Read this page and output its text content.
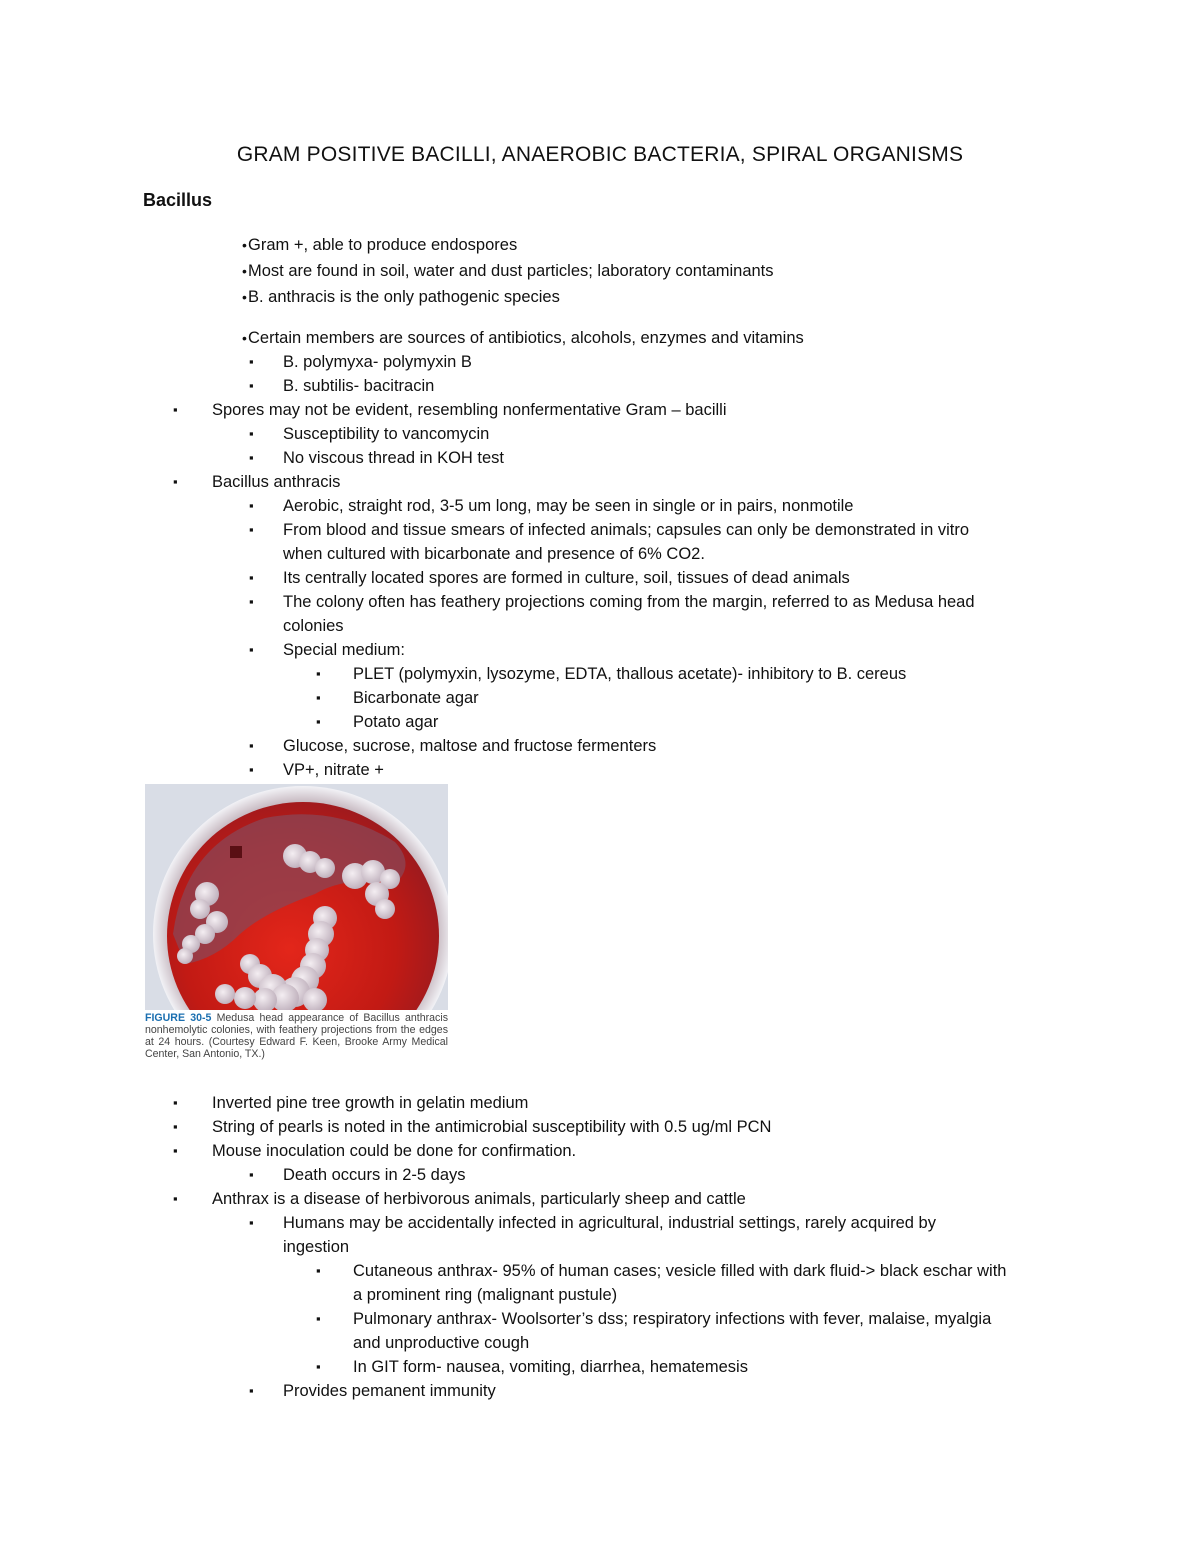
GRAM POSITIVE BACILLI, ANAEROBIC BACTERIA, SPIRAL ORGANISMS
Bacillus
• Gram +, able to produce endospores
• Most are found in soil, water and dust particles; laboratory contaminants
• B. anthracis is the only pathogenic species
• Certain members are sources of antibiotics, alcohols, enzymes and vitamins
▪ B. polymyxa- polymyxin B
▪ B. subtilis- bacitracin
▪ Spores may not be evident, resembling nonfermentative Gram – bacilli
▪ Susceptibility to vancomycin
▪ No viscous thread in KOH test
▪ Bacillus anthracis
▪ Aerobic, straight rod, 3-5 um long, may be seen in single or in pairs, nonmotile
▪ From blood and tissue smears of infected animals; capsules can only be demonstrated in vitro
when cultured with bicarbonate and presence of 6% CO2.
▪ Its centrally located spores are formed in culture, soil, tissues of dead animals
▪ The colony often has feathery projections coming from the margin, referred to as Medusa head
colonies
▪ Special medium:
▪ PLET (polymyxin, lysozyme, EDTA, thallous acetate)- inhibitory to B. cereus
▪ Bicarbonate agar
▪ Potato agar
▪ Glucose, sucrose, maltose and fructose fermenters
▪ VP+, nitrate +
FIGURE 30-5 Medusa head appearance of Bacillus anthracis nonhemolytic colonies, with feathery projections from the edges at 24 hours. (Courtesy Edward F. Keen, Brooke Army Medical Center, San Antonio, TX.)
▪ Inverted pine tree growth in gelatin medium
▪ String of pearls is noted in the antimicrobial susceptibility with 0.5 ug/ml PCN
▪ Mouse inoculation could be done for confirmation.
▪ Death occurs in 2-5 days
▪ Anthrax is a disease of herbivorous animals, particularly sheep and cattle
▪ Humans may be accidentally infected in agricultural, industrial settings, rarely acquired by
ingestion
▪ Cutaneous anthrax- 95% of human cases; vesicle filled with dark fluid-> black eschar with
a prominent ring (malignant pustule)
▪ Pulmonary anthrax- Woolsorter’s dss; respiratory infections with fever, malaise, myalgia
and unproductive cough
▪ In GIT form- nausea, vomiting, diarrhea, hematemesis
▪ Provides pemanent immunity
